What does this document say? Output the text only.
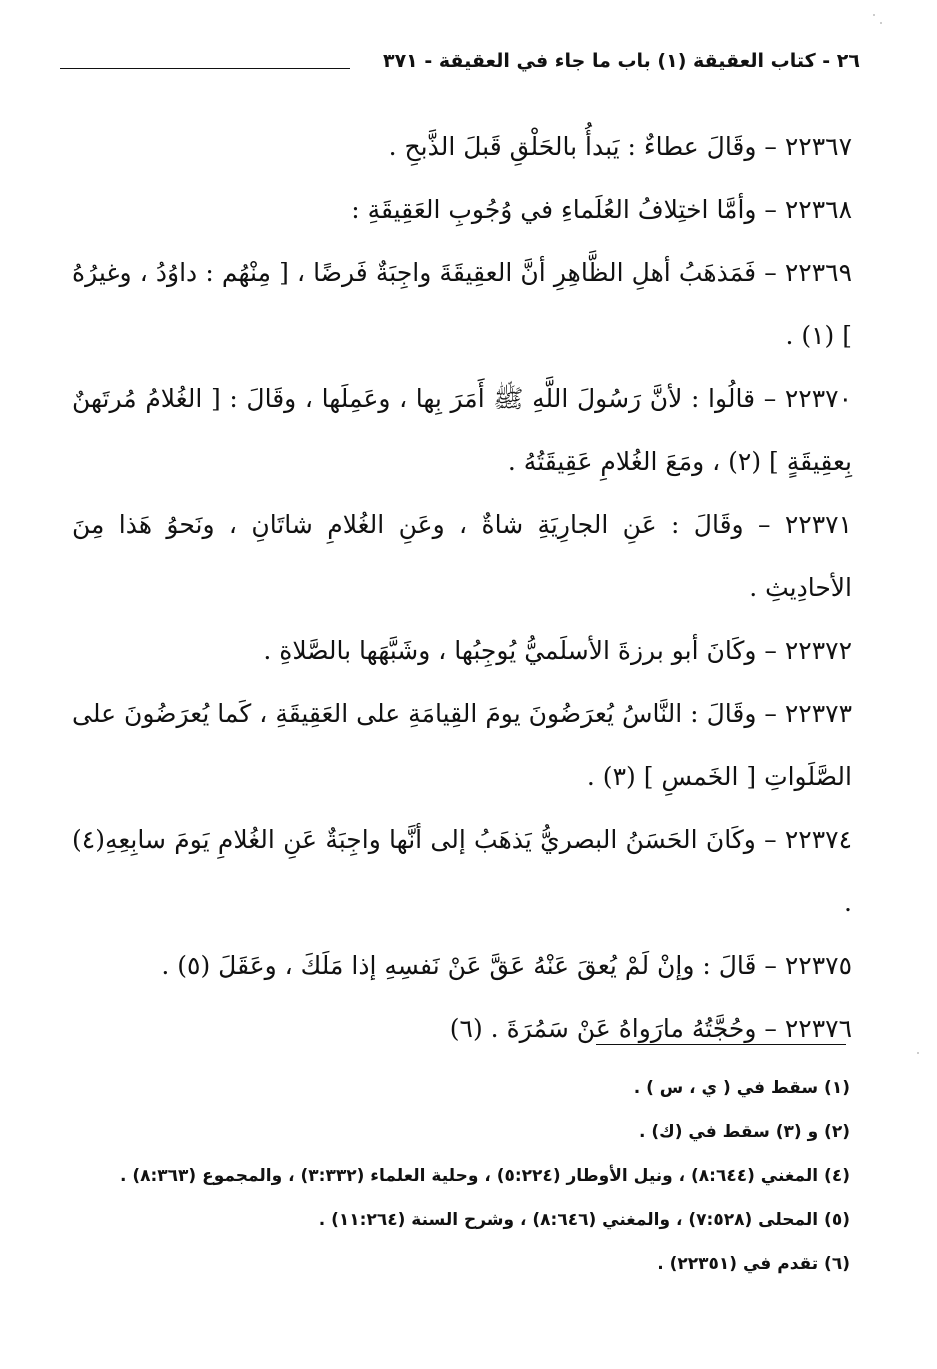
٢٦ - كتاب العقيقة (١) باب ما جاء في العقيقة - ٣٧١

٢٢٣٦٧ – وقَالَ عطاءٌ : يَبدأُ بالحَلْقِ قَبلَ الذَّبحِ .

٢٢٣٦٨ – وأمَّا اختِلافُ العُلَماءِ في وُجُوبِ العَقِيقَةِ :

٢٢٣٦٩ – فَمَذهَبُ أهلِ الظَّاهِرِ أنَّ العقِيقَةَ واجِبَةٌ فَرضًا ، [ مِنْهُم : داوُدُ ، وغيرُهُ ] (١) .

٢٢٣٧٠ – قالُوا : لأنَّ رَسُولَ اللَّهِ ﷺ أَمَرَ بِها ، وعَمِلَها ، وقَالَ : [ الغُلامُ مُرتَهنٌ بِعقِيقَةٍ ] (٢) ، ومَعَ الغُلامِ عَقِيقَتُهُ .

٢٢٣٧١ – وقَالَ : عَنِ الجارِيَةِ شاةٌ ، وعَنِ الغُلامِ شاتَانِ ، ونَحوُ هَذا مِنَ الأحادِيثِ .

٢٢٣٧٢ – وكَانَ أبو برزةَ الأسلَميُّ يُوجِبُها ، وشَبَّهَها بالصَّلاةِ .

٢٢٣٧٣ – وقَالَ : النَّاسُ يُعرَضُونَ يومَ القِيامَةِ على العَقِيقَةِ ، كَما يُعرَضُونَ على الصَّلَواتِ [ الخَمسِ ] (٣) .

٢٢٣٧٤ – وكَانَ الحَسَنُ البصريُّ يَذهَبُ إلى أنَّها واجِبَةٌ عَنِ الغُلامِ يَومَ سابِعِهِ(٤) .

٢٢٣٧٥ – قَالَ : وإنْ لَمْ يُعقَ عَنْهُ عَقَّ عَنْ نَفسِهِ إذا مَلَكَ ، وعَقَلَ (٥) .

٢٢٣٧٦ – وحُجَّتُهُ مارَواهُ عَنْ سَمُرَةَ . (٦)

(١) سقط في ( ي ، س ) .

(٢) و (٣) سقط في (ك) .

(٤) المغني (٨:٦٤٤) ، ونيل الأوطار (٥:٢٢٤) ، وحلية العلماء (٣:٣٣٢) ، والمجموع (٨:٣٦٣) .

(٥) المحلى (٧:٥٢٨) ، والمغني (٨:٦٤٦) ، وشرح السنة (١١:٢٦٤) .

(٦) تقدم في (٢٢٣٥١) .
